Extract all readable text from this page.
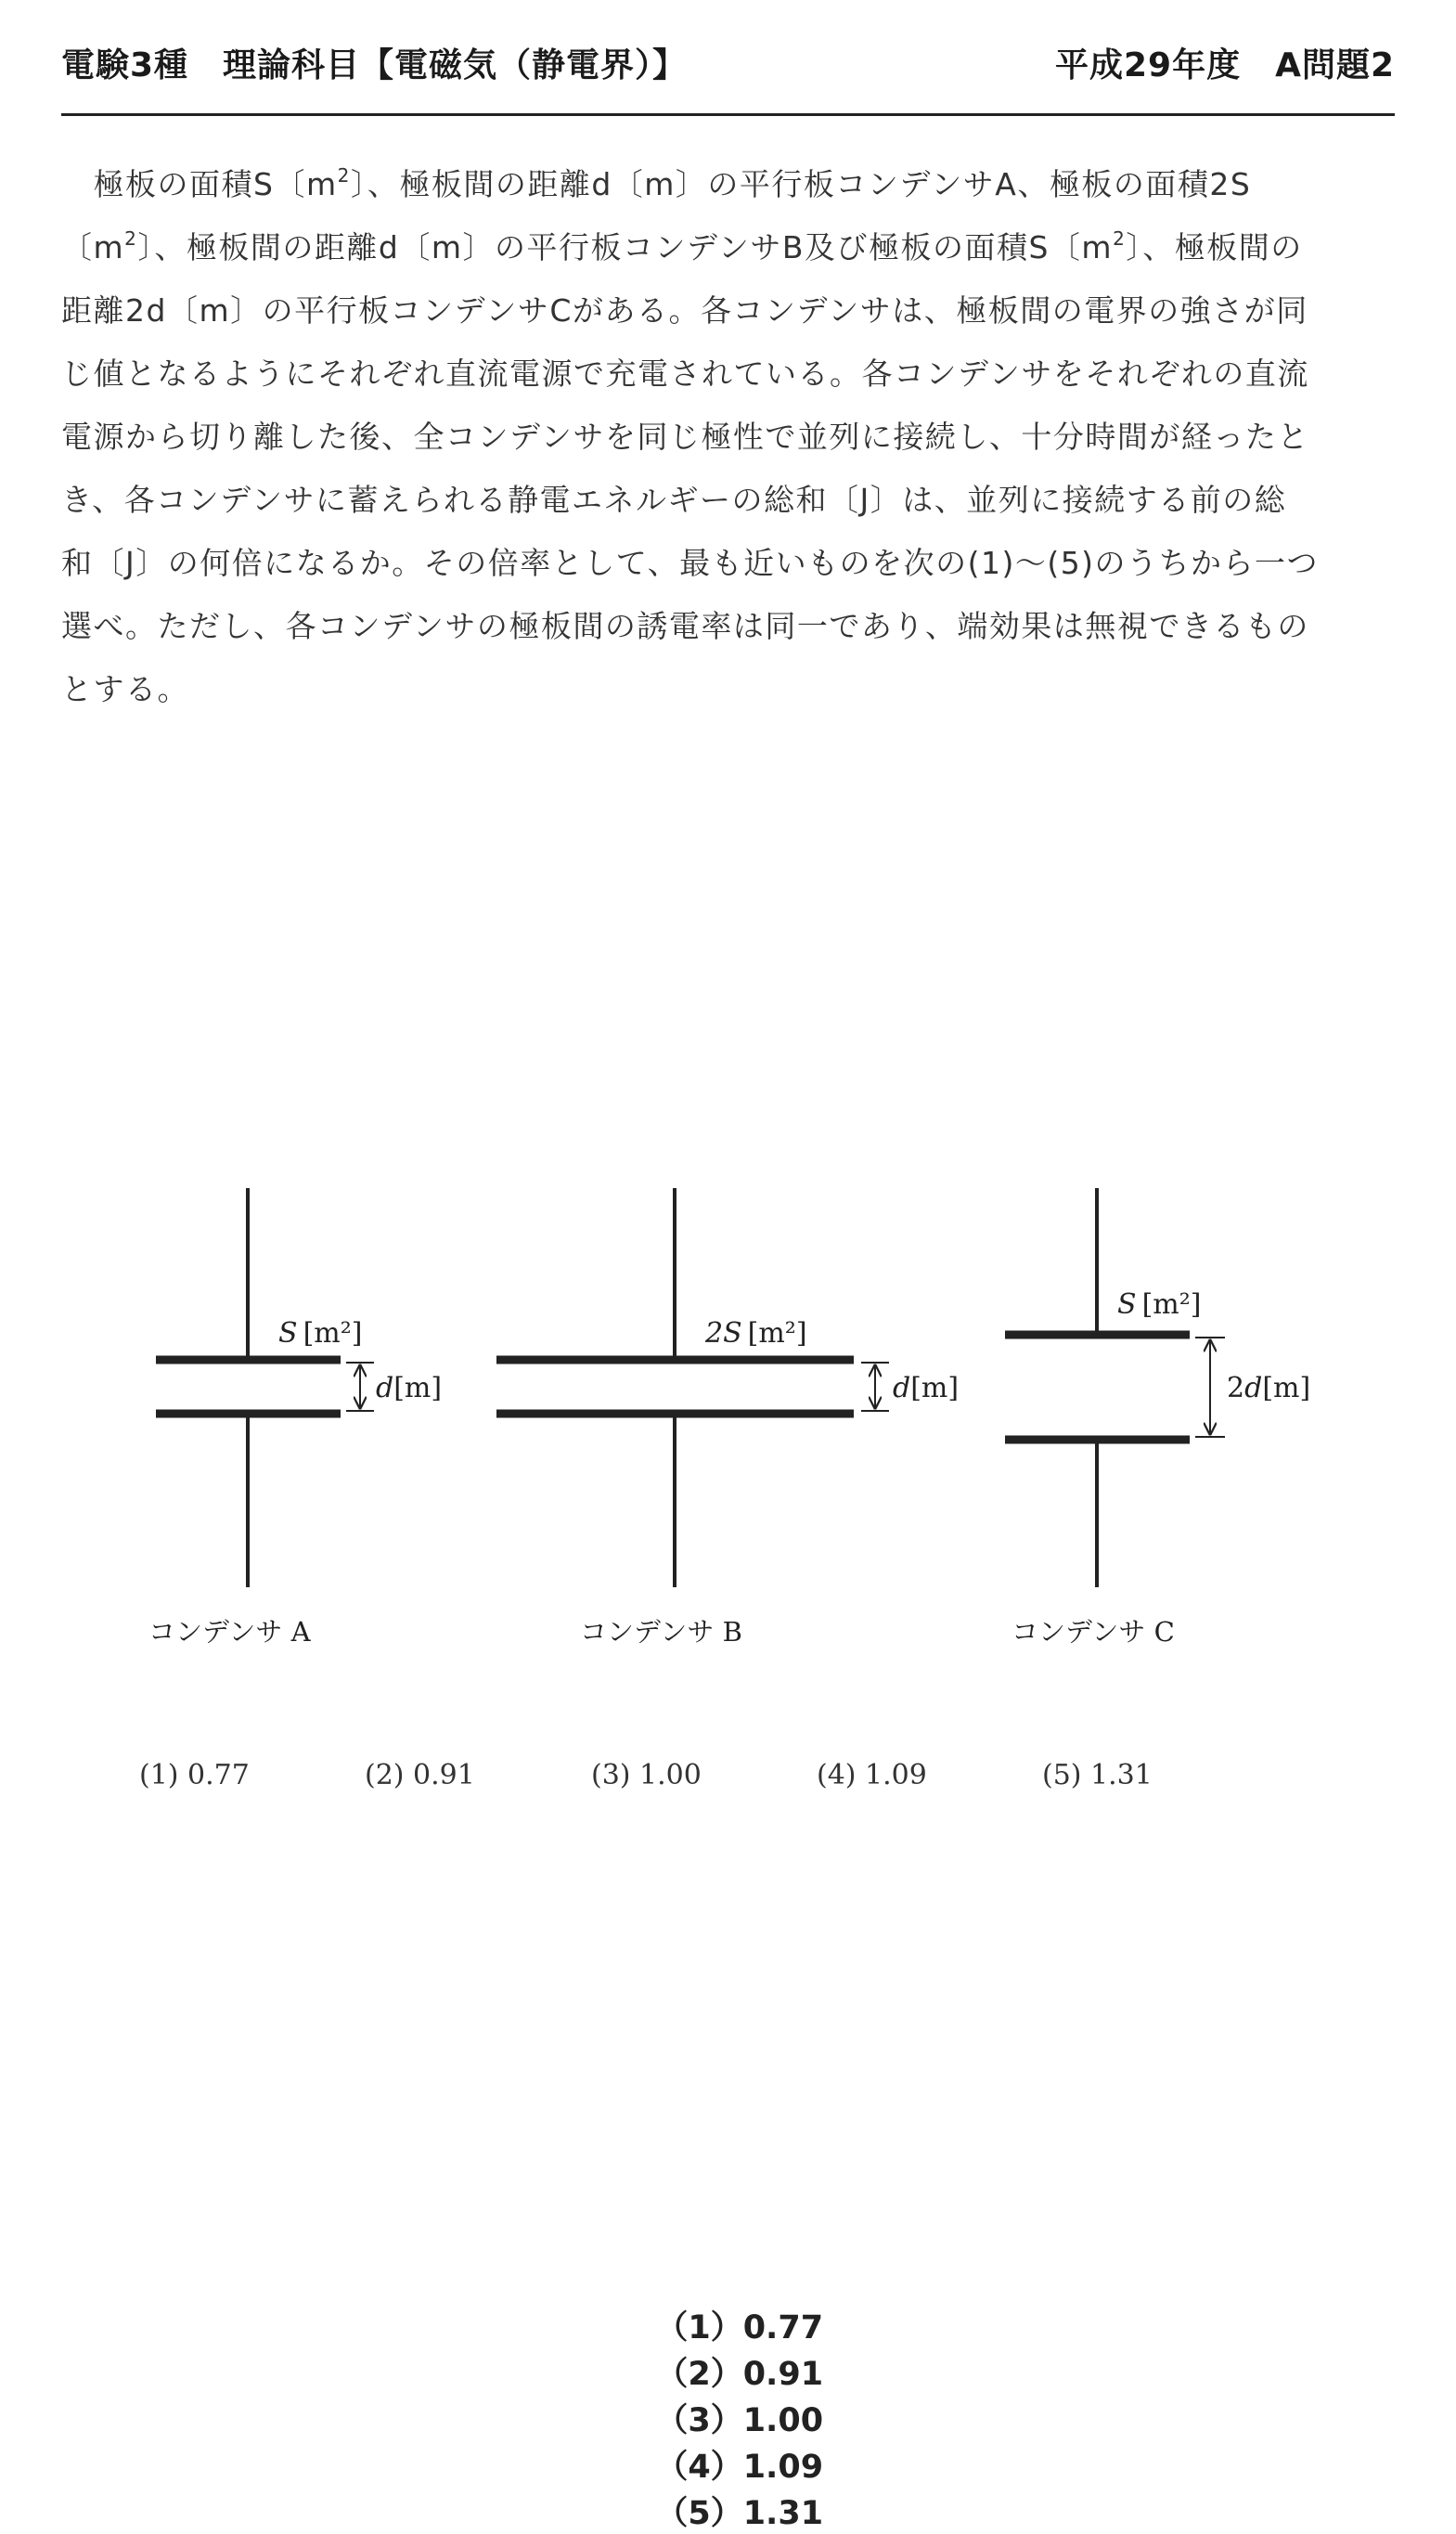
電験3種　理論科目【電磁気（静電界）】	平成29年度　A問題2
　極板の面積S〔$m^2$〕、極板間の距離d〔m〕の平行板コンデンサA、極板の面積2S
〔$m^2$〕、極板間の距離d〔m〕の平行板コンデンサB及び極板の面積S〔$m^2$〕、極板間の
距離2d〔m〕の平行板コンデンサCがある。各コンデンサは、極板間の電界の強さが同
じ値となるようにそれぞれ直流電源で充電されている。各コンデンサをそれぞれの直流
電源から切り離した後、全コンデンサを同じ極性で並列に接続し、十分時間が経ったと
き、各コンデンサに蓄えられる静電エネルギーの総和〔J〕は、並列に接続する前の総
和〔J〕の何倍になるか。その倍率として、最も近いものを次の(1)～(5)のうちから一つ
選べ。ただし、各コンデンサの極板間の誘電率は同一であり、端効果は無視できるもの
とする。
S [m²]
d[m]
コンデンサ A
2S [m²]
d[m]
コンデンサ B
S [m²]
2d[m]
コンデンサ C
(1) 0.77	(2) 0.91	(3) 1.00	(4) 1.09	(5) 1.31

（1）0.77
（2）0.91
（3）1.00
（4）1.09
（5）1.31
